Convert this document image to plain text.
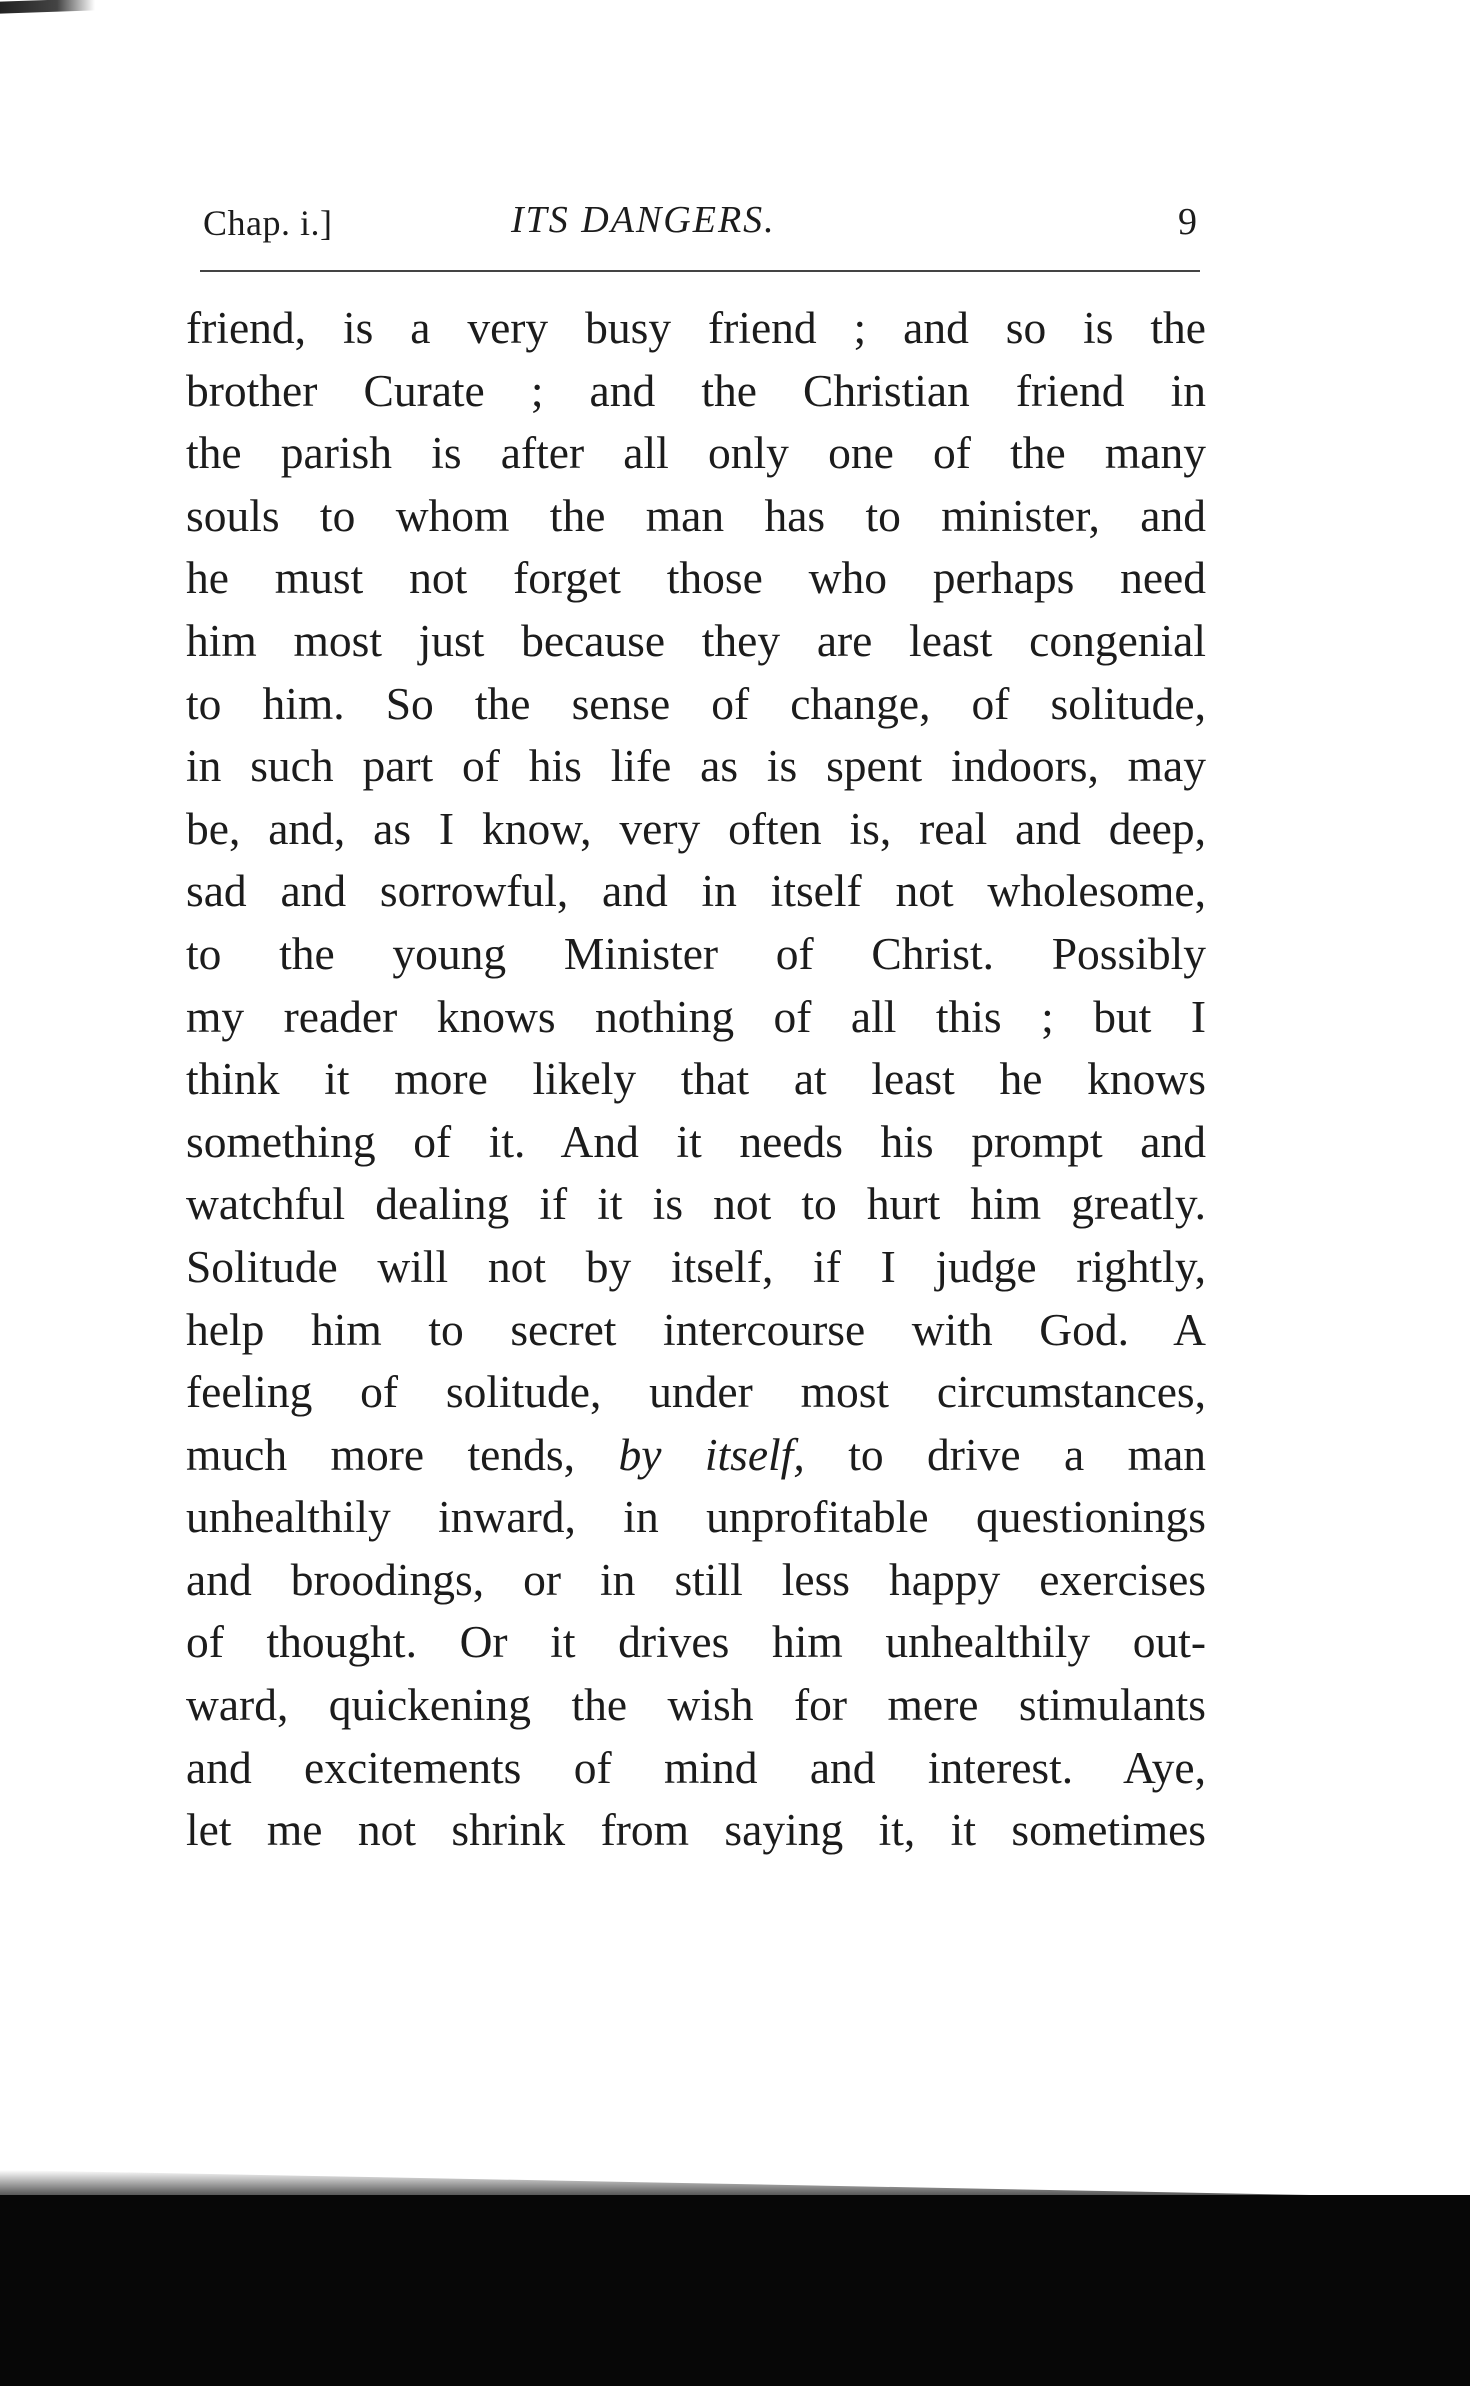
Chap. i.]	ITS DANGERS.	9
friend, is a very busy friend ; and so is the
brother Curate ; and the Christian friend in
the parish is after all only one of the many
souls to whom the man has to minister, and
he must not forget those who perhaps need
him most just because they are least congenial
to him. So the sense of change, of solitude,
in such part of his life as is spent indoors, may
be, and, as I know, very often is, real and deep,
sad and sorrowful, and in itself not wholesome,
to the young Minister of Christ. Possibly
my reader knows nothing of all this ; but I
think it more likely that at least he knows
something of it. And it needs his prompt and
watchful dealing if it is not to hurt him greatly.
Solitude will not by itself, if I judge rightly,
help him to secret intercourse with God. A
feeling of solitude, under most circumstances,
much more tends, by itself, to drive a man
unhealthily inward, in unprofitable questionings
and broodings, or in still less happy exercises
of thought. Or it drives him unhealthily out-
ward, quickening the wish for mere stimulants
and excitements of mind and interest. Aye,
let me not shrink from saying it, it sometimes
